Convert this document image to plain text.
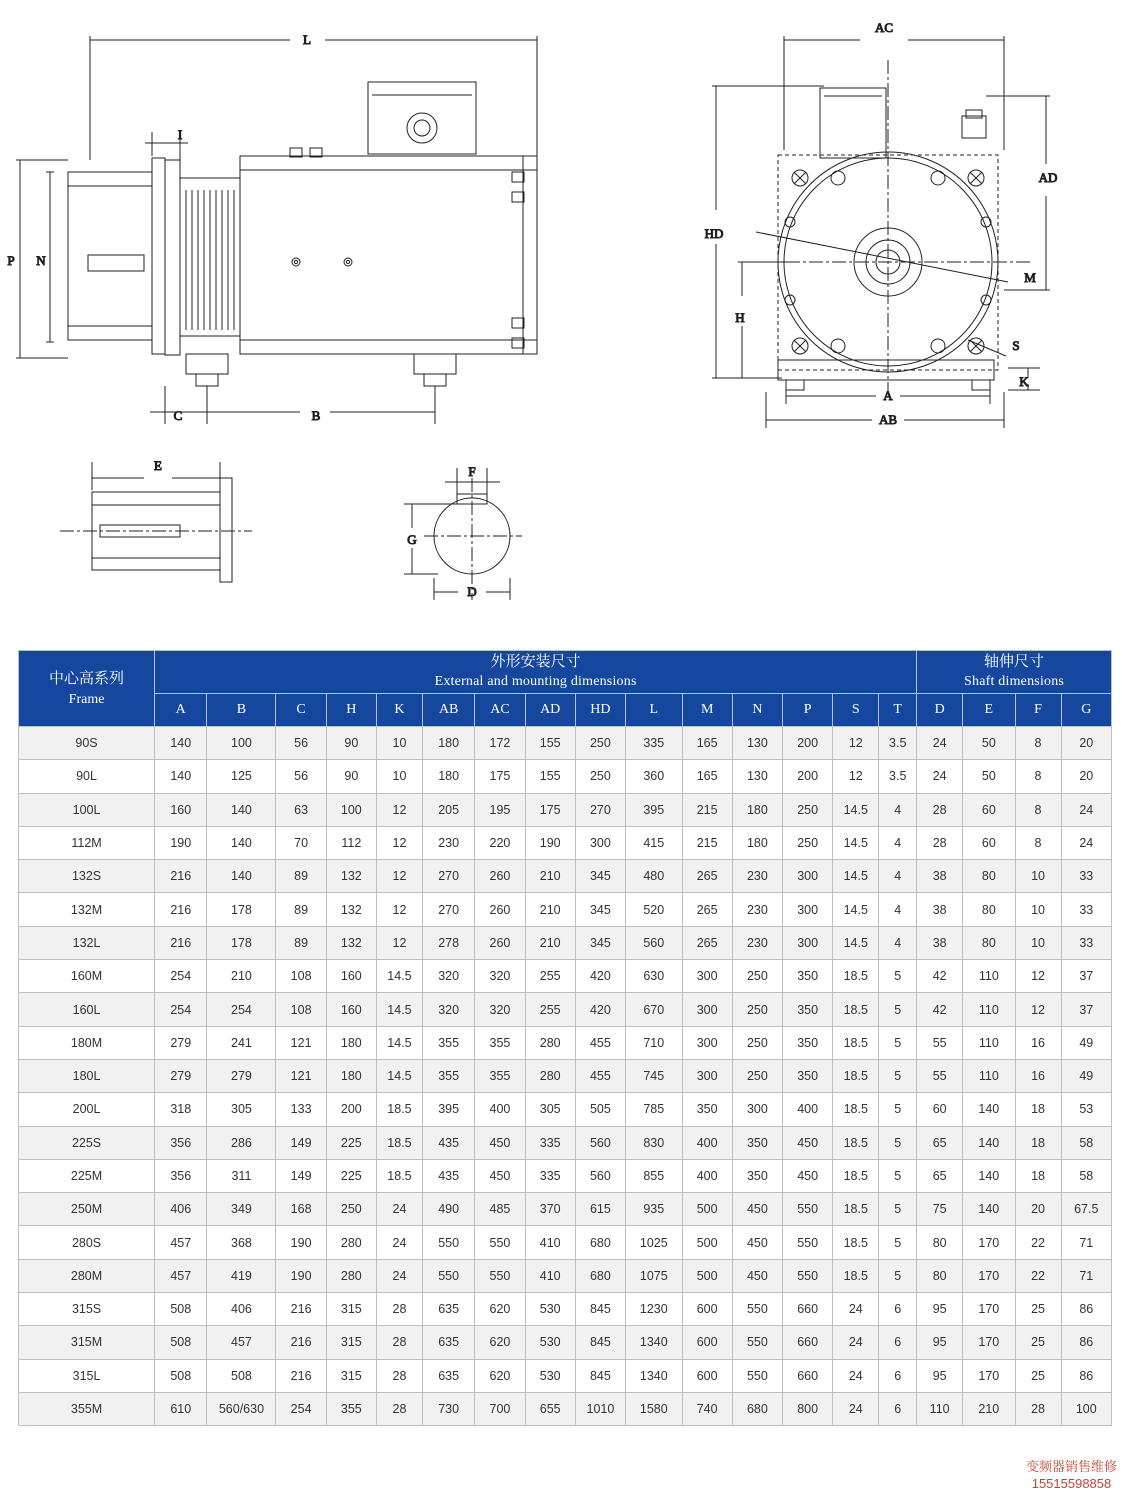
L
I
P N
C	B
AC
AD
HD
H
M
S
A
AB
K
E	F
G
D
中心高系列
Frame

外形安装尺寸
External and mounting dimensions

轴伸尺寸
Shaft dimensions

	A	B	C	H	K	AB	AC	AD	HD	L	M	N	P	S	T	D	E	F	G
90S	140	100	56	90	10	180	172	155	250	335	165	130	200	12	3.5	24	50	8	20
90L	140	125	56	90	10	180	175	155	250	360	165	130	200	12	3.5	24	50	8	20
100L	160	140	63	100	12	205	195	175	270	395	215	180	250	14.5	4	28	60	8	24
112M	190	140	70	112	12	230	220	190	300	415	215	180	250	14.5	4	28	60	8	24
132S	216	140	89	132	12	270	260	210	345	480	265	230	300	14.5	4	38	80	10	33
132M	216	178	89	132	12	270	260	210	345	520	265	230	300	14.5	4	38	80	10	33
132L	216	178	89	132	12	278	260	210	345	560	265	230	300	14.5	4	38	80	10	33
160M	254	210	108	160	14.5	320	320	255	420	630	300	250	350	18.5	5	42	110	12	37
160L	254	254	108	160	14.5	320	320	255	420	670	300	250	350	18.5	5	42	110	12	37
180M	279	241	121	180	14.5	355	355	280	455	710	300	250	350	18.5	5	55	110	16	49
180L	279	279	121	180	14.5	355	355	280	455	745	300	250	350	18.5	5	55	110	16	49
200L	318	305	133	200	18.5	395	400	305	505	785	350	300	400	18.5	5	60	140	18	53
225S	356	286	149	225	18.5	435	450	335	560	830	400	350	450	18.5	5	65	140	18	58
225M	356	311	149	225	18.5	435	450	335	560	855	400	350	450	18.5	5	65	140	18	58
250M	406	349	168	250	24	490	485	370	615	935	500	450	550	18.5	5	75	140	20	67.5
280S	457	368	190	280	24	550	550	410	680	1025	500	450	550	18.5	5	80	170	22	71
280M	457	419	190	280	24	550	550	410	680	1075	500	450	550	18.5	5	80	170	22	71
315S	508	406	216	315	28	635	620	530	845	1230	600	550	660	24	6	95	170	25	86
315M	508	457	216	315	28	635	620	530	845	1340	600	550	660	24	6	95	170	25	86
315L	508	508	216	315	28	635	620	530	845	1340	600	550	660	24	6	95	170	25	86
355M	610	560/630	254	355	28	730	700	655	1010	1580	740	680	800	24	6	110	210	28	100
变频器销售维修
15515598858
